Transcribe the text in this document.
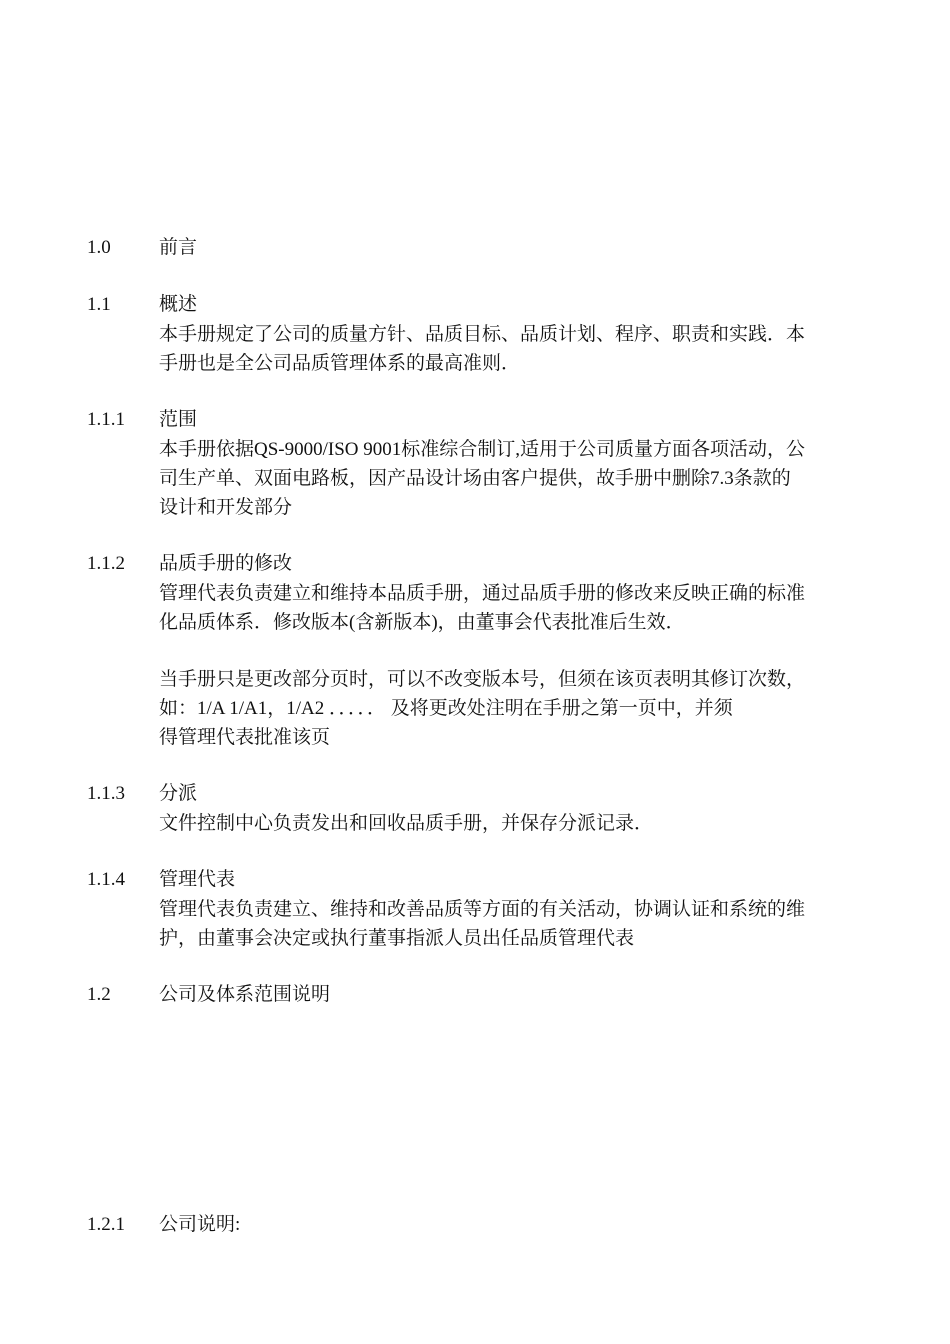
1.0	前言
1.1	概述

本手册规定了公司的质量方针、品质目标、品质计划、程序、职责和实践．本

手册也是全公司品质管理体系的最高准则．

1.1.1 范围

本手册依据QS-9000/ISO 9001标准综合制订,适用于公司质量方面各项活动，公

司生产单、双面电路板，因产品设计场由客户提供，故手册中删除7.3条款的

设计和开发部分

1.1.2 品质手册的修改

管理代表负责建立和维持本品质手册，通过品质手册的修改来反映正确的标准

化品质体系．修改版本(含新版本)，由董事会代表批准后生效．

当手册只是更改部分页时，可以不改变版本号，但须在该页表明其修订次数，

如：1/A 1/A1，1/A2 ．．．．． 及将更改处注明在手册之第一页中，并须

得管理代表批准该页

1.1.3 分派

文件控制中心负责发出和回收品质手册，并保存分派记录．

1.1.4 管理代表

管理代表负责建立、维持和改善品质等方面的有关活动，协调认证和系统的维

护，由董事会决定或执行董事指派人员出任品质管理代表

1.2	公司及体系范围说明
1.2.1 公司说明:
